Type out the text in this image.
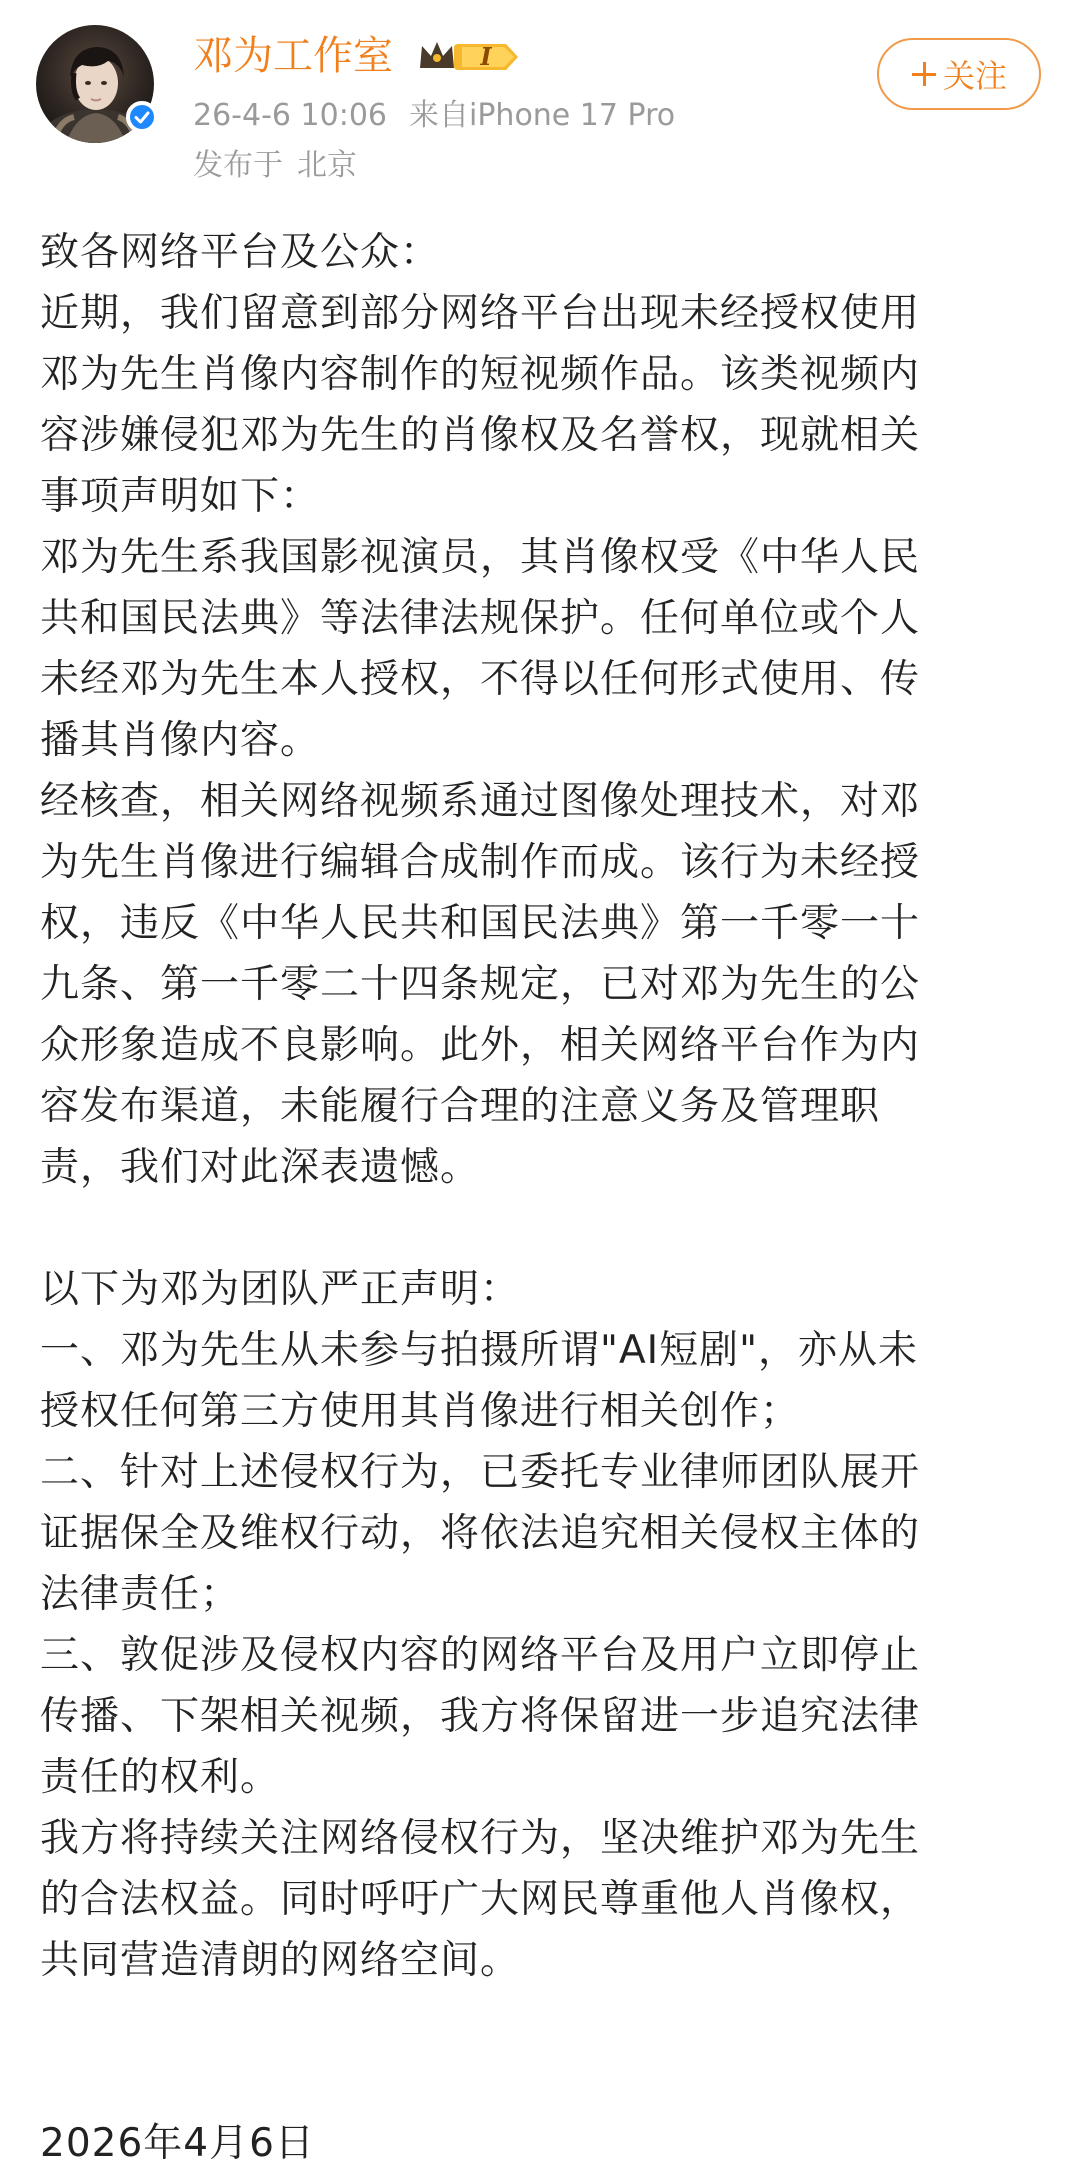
邓为工作室	I
26-4-6 10:06 来自iPhone 17 Pro
发布于 北京
关注
致各网络平台及公众：
近期，我们留意到部分网络平台出现未经授权使用
邓为先生肖像内容制作的短视频作品。该类视频内
容涉嫌侵犯邓为先生的肖像权及名誉权，现就相关
事项声明如下：
邓为先生系我国影视演员，其肖像权受《中华人民
共和国民法典》等法律法规保护。任何单位或个人
未经邓为先生本人授权，不得以任何形式使用、传
播其肖像内容。
经核查，相关网络视频系通过图像处理技术，对邓
为先生肖像进行编辑合成制作而成。该行为未经授
权，违反《中华人民共和国民法典》第一千零一十
九条、第一千零二十四条规定，已对邓为先生的公
众形象造成不良影响。此外，相关网络平台作为内
容发布渠道，未能履行合理的注意义务及管理职
责，我们对此深表遗憾。
以下为邓为团队严正声明：
一、邓为先生从未参与拍摄所谓"AI短剧"，亦从未
授权任何第三方使用其肖像进行相关创作；
二、针对上述侵权行为，已委托专业律师团队展开
证据保全及维权行动，将依法追究相关侵权主体的
法律责任；
三、敦促涉及侵权内容的网络平台及用户立即停止
传播、下架相关视频，我方将保留进一步追究法律
责任的权利。
我方将持续关注网络侵权行为，坚决维护邓为先生
的合法权益。同时呼吁广大网民尊重他人肖像权，
共同营造清朗的网络空间。
2026年4月6日
